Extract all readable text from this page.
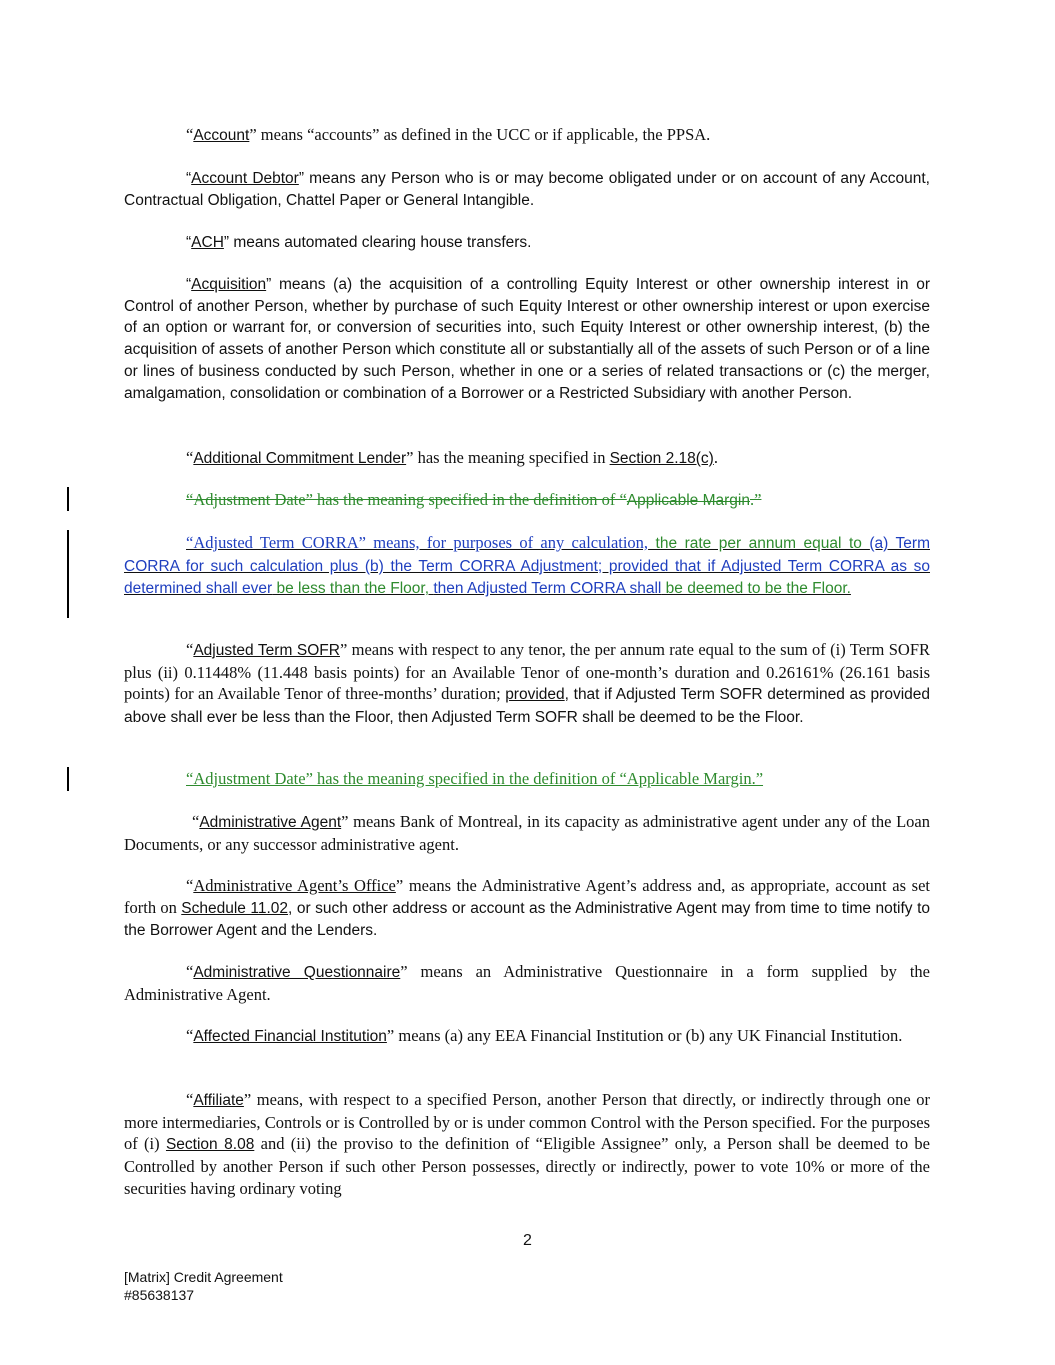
“Account” means “accounts” as defined in the UCC or if applicable, the PPSA.

“Account Debtor” means any Person who is or may become obligated under or on account of any Account, Contractual Obligation, Chattel Paper or General Intangible.

“ACH” means automated clearing house transfers.

“Acquisition” means (a) the acquisition of a controlling Equity Interest or other ownership interest in or Control of another Person, whether by purchase of such Equity Interest or other ownership interest or upon exercise of an option or warrant for, or conversion of securities into, such Equity Interest or other ownership interest, (b) the acquisition of assets of another Person which constitute all or substantially all of the assets of such Person or of a line or lines of business conducted by such Person, whether in one or a series of related transactions or (c) the merger, amalgamation, consolidation or combination of a Borrower or a Restricted Subsidiary with another Person.

“Additional Commitment Lender” has the meaning specified in Section 2.18(c).

“Adjustment Date” has the meaning specified in the definition of “Applicable Margin.”

“Adjusted Term CORRA” means, for purposes of any calculation, the rate per annum equal to (a) Term CORRA for such calculation plus (b) the Term CORRA Adjustment; provided that if Adjusted Term CORRA as so determined shall ever be less than the Floor, then Adjusted Term CORRA shall be deemed to be the Floor.

“Adjusted Term SOFR” means with respect to any tenor, the per annum rate equal to the sum of (i) Term SOFR plus (ii) 0.11448% (11.448 basis points) for an Available Tenor of one-month’s duration and 0.26161% (26.161 basis points) for an Available Tenor of three-months’ duration; provided, that if Adjusted Term SOFR determined as provided above shall ever be less than the Floor, then Adjusted Term SOFR shall be deemed to be the Floor.

“Adjustment Date” has the meaning specified in the definition of “Applicable Margin.”

“Administrative Agent” means Bank of Montreal, in its capacity as administrative agent under any of the Loan Documents, or any successor administrative agent.

“Administrative Agent’s Office” means the Administrative Agent’s address and, as appropriate, account as set forth on Schedule 11.02, or such other address or account as the Administrative Agent may from time to time notify to the Borrower Agent and the Lenders.

“Administrative Questionnaire” means an Administrative Questionnaire in a form supplied by the Administrative Agent.

“Affected Financial Institution” means (a) any EEA Financial Institution or (b) any UK Financial Institution.

“Affiliate” means, with respect to a specified Person, another Person that directly, or indirectly through one or more intermediaries, Controls or is Controlled by or is under common Control with the Person specified. For the purposes of (i) Section 8.08 and (ii) the proviso to the definition of “Eligible Assignee” only, a Person shall be deemed to be Controlled by another Person if such other Person possesses, directly or indirectly, power to vote 10% or more of the securities having ordinary voting

2
[Matrix] Credit Agreement
#85638137
